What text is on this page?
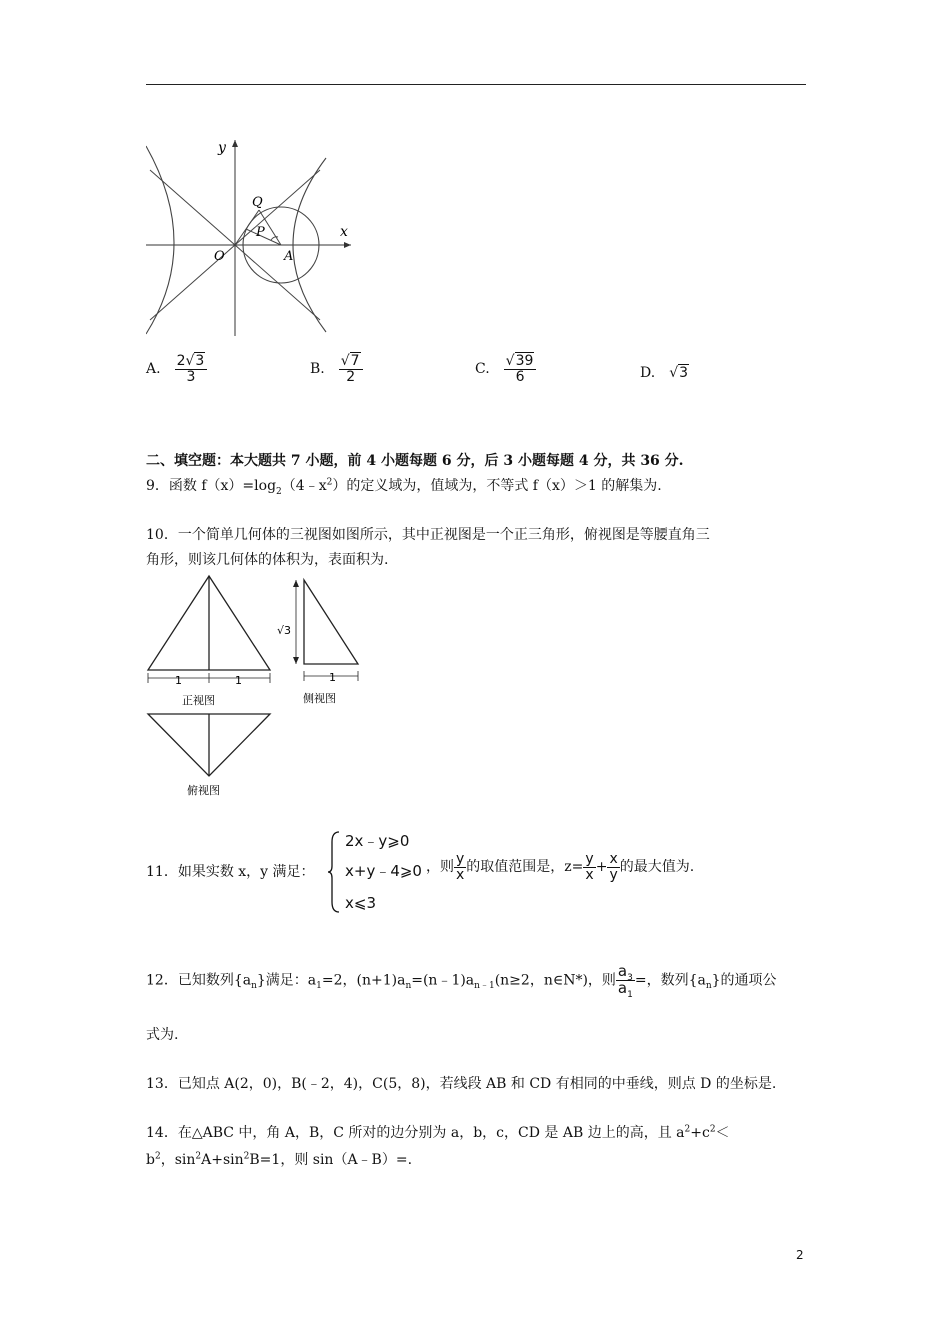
y
x
Q
P
O	A
A. $\frac{2√3}{3}$	B. $\frac{√7}{2}$	C. $\frac{√39}{6}$	D. √3
二、填空题：本大题共 7 小题，前 4 小题每题 6 分，后 3 小题每题 4 分，共 36 分.
9．函数 $f(x)=\log_2(4﹣x^2)$的定义域为，值域为，不等式 f（x）＞1 的解集为.
10．一个简单几何体的三视图如图所示，其中正视图是一个正三角形，俯视图是等腰直角三
角形，则该几何体的体积为，表面积为.
1	1
正视图
√3
1
侧视图
俯视图
11．如果实数 x，y 满足：
2x﹣y⩾0
x+y﹣4⩾0
x⩽3
，则 $\frac{y}{x}$ 的取值范围是，$z= \frac{y}{x} + \frac{x}{y}$ 的最大值为.
12．已知数列$\{a_n\}$满足：$a_1=2$，$(n+1)a_n=(n﹣1)a_{n﹣1}(n\ge 2$，n∈N*)，则 $\frac{a_3}{a_1}$ =，数列$\{a_n\}$的通项公
式为.
13．已知点 A(2，0)，B(﹣2，4)，C(5，8)，若线段 AB 和 CD 有相同的中垂线，则点 D 的坐标是.
14．在△ABC 中，角 A，B，C 所对的边分别为 a，b，c，CD 是 AB 边上的高，且 $a^2+c^2<$
$b^2$，$\sin^2A+\sin^2B=1$，则 sin（A﹣B）=.
2
